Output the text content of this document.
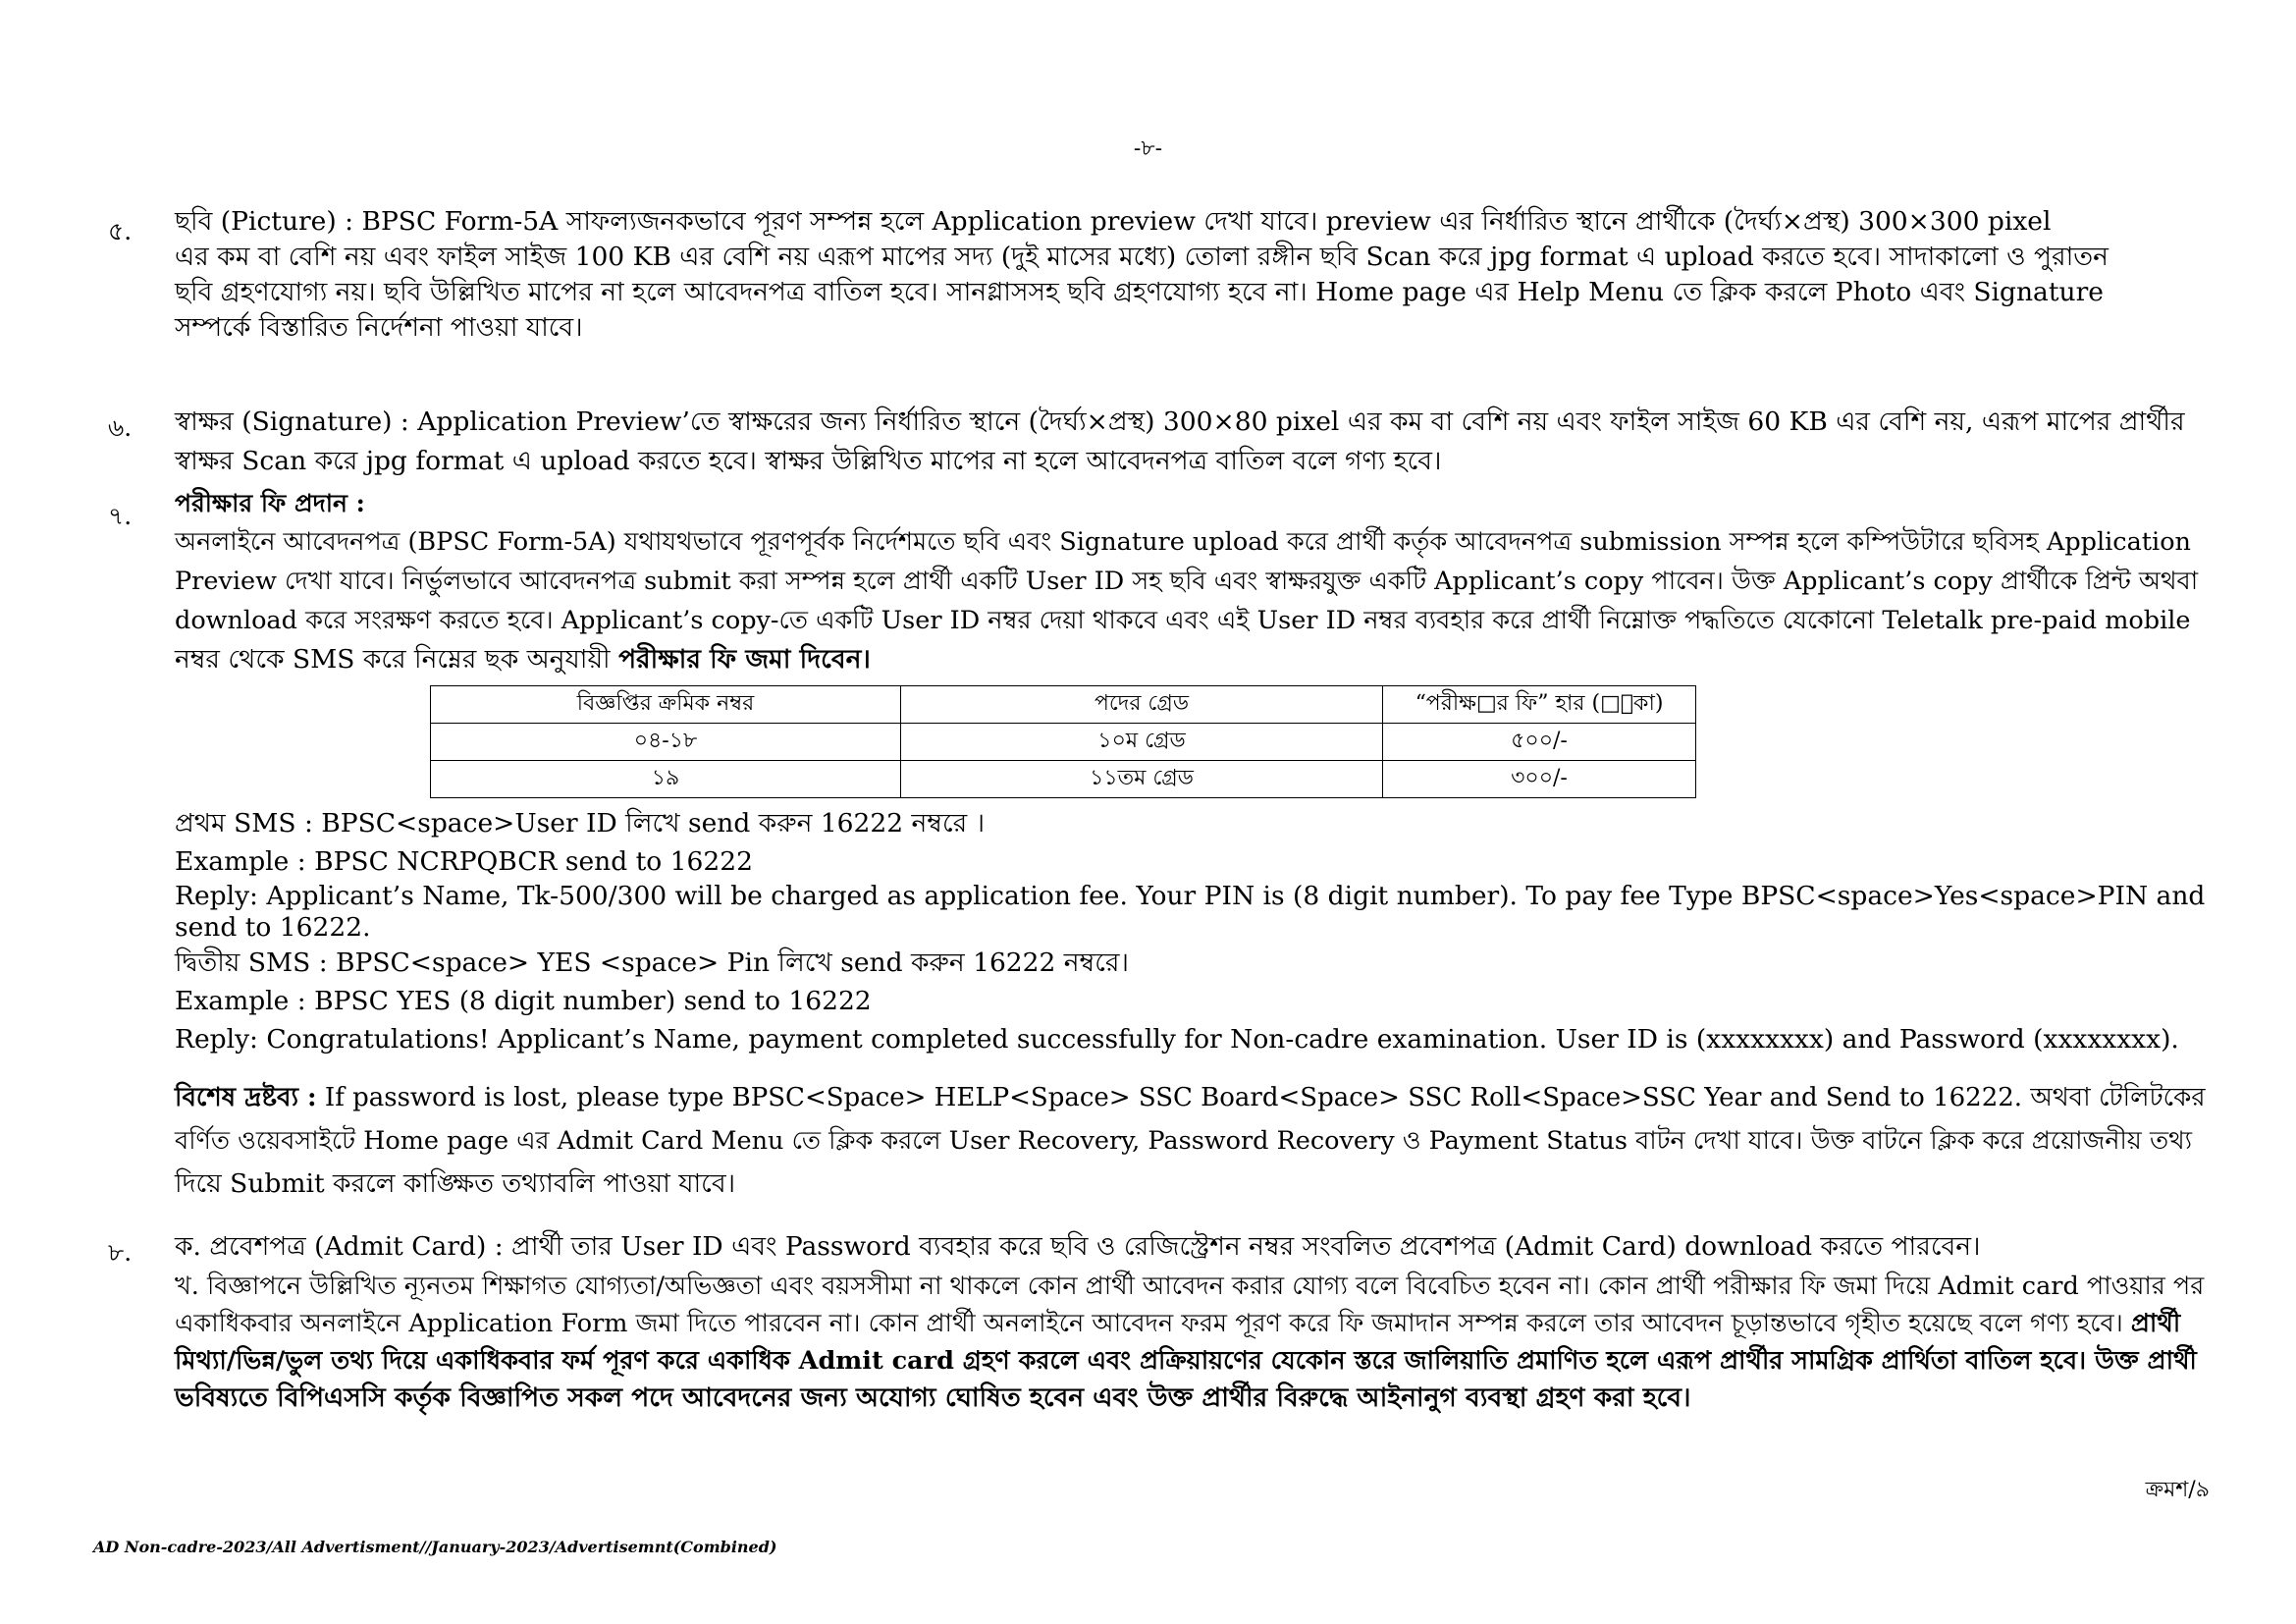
-৮-
৫. ছবি (Picture) : BPSC Form-5A সাফল্যজনকভাবে পূরণ সম্পন্ন হলে Application preview দেখা যাবে। preview এর নির্ধারিত স্থানে প্রার্থীকে (দৈর্ঘ্য×প্রস্থ) 300×300 pixel

এর কম বা বেশি নয় এবং ফাইল সাইজ 100 KB এর বেশি নয় এরূপ মাপের সদ্য (দুই মাসের মধ্যে) তোলা রঙ্গীন ছবি Scan করে jpg format এ upload করতে হবে। সাদাকালো ও পুরাতন

ছবি গ্রহণযোগ্য নয়। ছবি উল্লিখিত মাপের না হলে আবেদনপত্র বাতিল হবে। সানগ্লাসসহ ছবি গ্রহণযোগ্য হবে না। Home page এর Help Menu তে ক্লিক করলে Photo এবং Signature

সম্পর্কে বিস্তারিত নির্দেশনা পাওয়া যাবে।

৬. স্বাক্ষর (Signature) : Application Preview’তে স্বাক্ষরের জন্য নির্ধারিত স্থানে (দৈর্ঘ্য×প্রস্থ) 300×80 pixel এর কম বা বেশি নয় এবং ফাইল সাইজ 60 KB এর বেশি নয়, এরূপ মাপের প্রার্থীর

স্বাক্ষর Scan করে jpg format এ upload করতে হবে। স্বাক্ষর উল্লিখিত মাপের না হলে আবেদনপত্র বাতিল বলে গণ্য হবে।

৭. পরীক্ষার ফি প্রদান :

অনলাইনে আবেদনপত্র (BPSC Form-5A) যথাযথভাবে পূরণপূর্বক নির্দেশমতে ছবি এবং Signature upload করে প্রার্থী কর্তৃক আবেদনপত্র submission সম্পন্ন হলে কম্পিউটারে ছবিসহ Application

Preview দেখা যাবে। নির্ভুলভাবে আবেদনপত্র submit করা সম্পন্ন হলে প্রার্থী একটি User ID সহ ছবি এবং স্বাক্ষরযুক্ত একটি Applicant’s copy পাবেন। উক্ত Applicant’s copy প্রার্থীকে প্রিন্ট অথবা

download করে সংরক্ষণ করতে হবে। Applicant’s copy-তে একটি User ID নম্বর দেয়া থাকবে এবং এই User ID নম্বর ব্যবহার করে প্রার্থী নিম্নোক্ত পদ্ধতিতে যেকোনো Teletalk pre-paid mobile

নম্বর থেকে SMS করে নিম্নের ছক অনুযায়ী পরীক্ষার ফি জমা দিবেন।

বিজ্ঞপ্তির ক্রমিক নম্বর	পদের গ্রেড	“পরীক্ষ□র ফি” হার (□াকা)
০৪-১৮	১০ম গ্রেড	৫০০/-
১৯	১১তম গ্রেড	৩০০/-

প্রথম SMS : BPSC<space>User ID লিখে send করুন 16222 নম্বরে ।

Example : BPSC NCRPQBCR send to 16222

Reply: Applicant’s Name, Tk-500/300 will be charged as application fee. Your PIN is (8 digit number). To pay fee Type BPSC<space>Yes<space>PIN and

send to 16222.

দ্বিতীয় SMS : BPSC<space> YES <space> Pin লিখে send করুন 16222 নম্বরে।

Example : BPSC YES (8 digit number) send to 16222

Reply: Congratulations! Applicant’s Name, payment completed successfully for Non-cadre examination. User ID is (xxxxxxxx) and Password (xxxxxxxx).

বিশেষ দ্রষ্টব্য : If password is lost, please type BPSC<Space> HELP<Space> SSC Board<Space> SSC Roll<Space>SSC Year and Send to 16222. অথবা টেলিটকের

বর্ণিত ওয়েবসাইটে Home page এর Admit Card Menu তে ক্লিক করলে User Recovery, Password Recovery ও Payment Status বাটন দেখা যাবে। উক্ত বাটনে ক্লিক করে প্রয়োজনীয় তথ্য

দিয়ে Submit করলে কাঙ্ক্ষিত তথ্যাবলি পাওয়া যাবে।

৮. ক. প্রবেশপত্র (Admit Card) : প্রার্থী তার User ID এবং Password ব্যবহার করে ছবি ও রেজিস্ট্রেশন নম্বর সংবলিত প্রবেশপত্র (Admit Card) download করতে পারবেন।

খ. বিজ্ঞাপনে উল্লিখিত ন্যূনতম শিক্ষাগত যোগ্যতা/অভিজ্ঞতা এবং বয়সসীমা না থাকলে কোন প্রার্থী আবেদন করার যোগ্য বলে বিবেচিত হবেন না। কোন প্রার্থী পরীক্ষার ফি জমা দিয়ে Admit card পাওয়ার পর

একাধিকবার অনলাইনে Application Form জমা দিতে পারবেন না। কোন প্রার্থী অনলাইনে আবেদন ফরম পূরণ করে ফি জমাদান সম্পন্ন করলে তার আবেদন চূড়ান্তভাবে গৃহীত হয়েছে বলে গণ্য হবে। প্রার্থী

মিথ্যা/ভিন্ন/ভুল তথ্য দিয়ে একাধিকবার ফর্ম পূরণ করে একাধিক Admit card গ্রহণ করলে এবং প্রক্রিয়ায়ণের যেকোন স্তরে জালিয়াতি প্রমাণিত হলে এরূপ প্রার্থীর সামগ্রিক প্রার্থিতা বাতিল হবে। উক্ত প্রার্থী

ভবিষ্যতে বিপিএসসি কর্তৃক বিজ্ঞাপিত সকল পদে আবেদনের জন্য অযোগ্য ঘোষিত হবেন এবং উক্ত প্রার্থীর বিরুদ্ধে আইনানুগ ব্যবস্থা গ্রহণ করা হবে।

ক্রমশ/৯
AD Non-cadre-2023/All Advertisment//January-2023/Advertisemnt(Combined)
